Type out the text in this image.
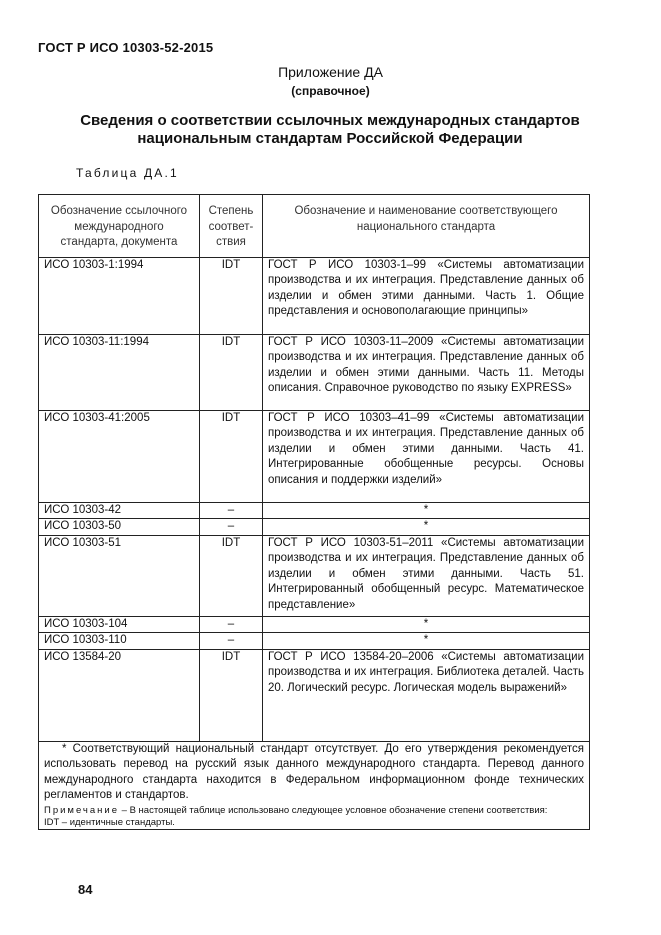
ГОСТ Р ИСО 10303-52-2015
Приложение ДА
(справочное)
Сведения о соответствии ссылочных международных стандартов национальным стандартам Российской Федерации
Таблица ДА.1
Обозначение ссылочного международного стандарта, документа	Степень соответ-ствия	Обозначение и наименование соответствующего национального стандарта
ИСО 10303-1:1994	IDT	ГОСТ Р ИСО 10303-1–99 «Системы автоматизации производства и их интеграция. Представление данных об изделии и обмен этими данными. Часть 1. Общие представления и основополагающие принципы»
ИСО 10303-11:1994	IDT	ГОСТ Р ИСО 10303-11–2009 «Системы автоматизации производства и их интеграция. Представление данных об изделии и обмен этими данными. Часть 11. Методы описания. Справочное руководство по языку EXPRESS»
ИСО 10303-41:2005	IDT	ГОСТ Р ИСО 10303–41–99 «Системы автоматизации производства и их интеграция. Представление данных об изделии и обмен этими данными. Часть 41. Интегрированные обобщенные ресурсы. Основы описания и поддержки изделий»
ИСО 10303-42	–	*
ИСО 10303-50	–	*
ИСО 10303-51	IDT	ГОСТ Р ИСО 10303-51–2011 «Системы автоматизации производства и их интеграция. Представление данных об изделии и обмен этими данными. Часть 51. Интегрированный обобщенный ресурс. Математическое представление»
ИСО 10303-104	–	*
ИСО 10303-110	–	*
ИСО 13584-20	IDT	ГОСТ Р ИСО 13584-20–2006 «Системы автоматизации производства и их интеграция. Библиотека деталей. Часть 20. Логический ресурс. Логическая модель выражений»

* Соответствующий национальный стандарт отсутствует. До его утверждения рекомендуется использовать перевод на русский язык данного международного стандарта. Перевод данного международного стандарта находится в Федеральном информационном фонде технических регламентов и стандартов.
Примечание – В настоящей таблице использовано следующее условное обозначение степени соответствия:
IDT – идентичные стандарты.		
84
